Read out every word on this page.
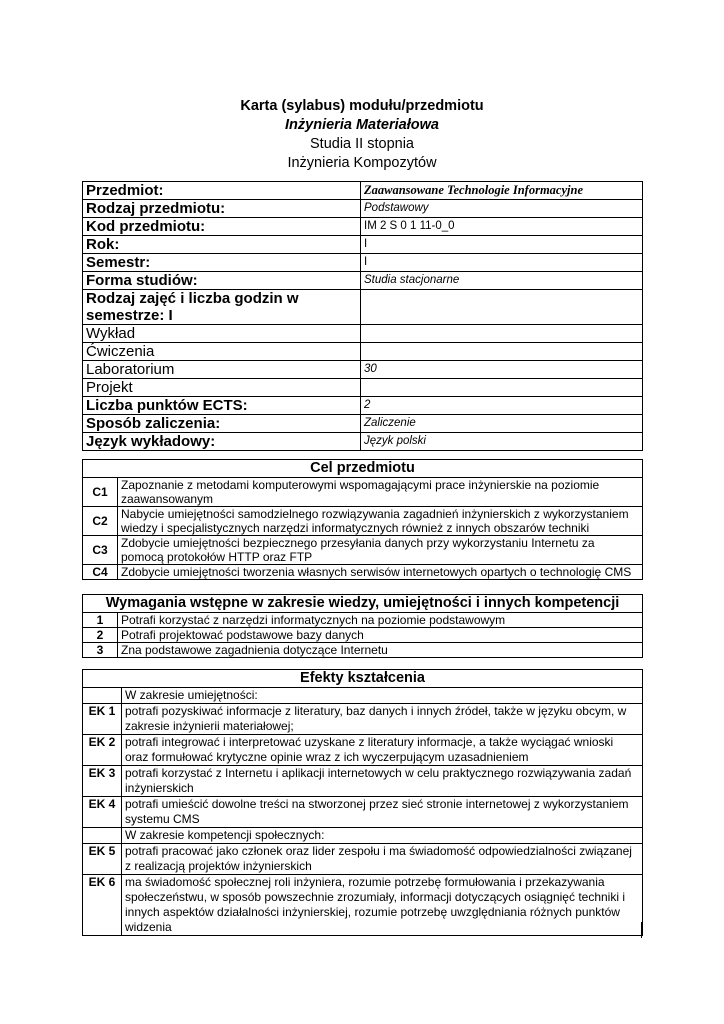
Karta (sylabus) modułu/przedmiotu
Inżynieria Materiałowa
Studia II stopnia
Inżynieria Kompozytów
Przedmiot:	Zaawansowane Technologie Informacyjne
Rodzaj przedmiotu:	Podstawowy
Kod przedmiotu:	IM 2 S 0 1 11-0_0
Rok:	I
Semestr:	I
Forma studiów:	Studia stacjonarne
Rodzaj zajęć i liczba godzin w semestrze: I	
Wykład	
Ćwiczenia	
Laboratorium	30
Projekt	
Liczba punktów ECTS:	2
Sposób zaliczenia:	Zaliczenie
Język wykładowy:	Język polski
Cel przedmiotu	
C1	Zapoznanie z metodami komputerowymi wspomagającymi prace inżynierskie na poziomie zaawansowanym
C2	Nabycie umiejętności samodzielnego rozwiązywania zagadnień inżynierskich z wykorzystaniem wiedzy i specjalistycznych narzędzi informatycznych również z innych obszarów techniki
C3	Zdobycie umiejętności bezpiecznego przesyłania danych przy wykorzystaniu Internetu za pomocą protokołów HTTP oraz FTP
C4	Zdobycie umiejętności tworzenia własnych serwisów internetowych opartych o technologię CMS
Wymagania wstępne w zakresie wiedzy, umiejętności i innych kompetencji	
1	Potrafi korzystać z narzędzi informatycznych na poziomie podstawowym
2	Potrafi projektować podstawowe bazy danych
3	Zna podstawowe zagadnienia dotyczące Internetu
Efekty kształcenia	
	W zakresie umiejętności:
EK 1	potrafi pozyskiwać informacje z literatury, baz danych i innych źródeł, także w języku obcym, w zakresie inżynierii materiałowej;
EK 2	potrafi integrować i interpretować uzyskane z literatury informacje, a także wyciągać wnioski oraz formułować krytyczne opinie wraz z ich wyczerpującym uzasadnieniem
EK 3	potrafi korzystać z Internetu i aplikacji internetowych w celu praktycznego rozwiązywania zadań inżynierskich
EK 4	potrafi umieścić dowolne treści na stworzonej przez sieć stronie internetowej z wykorzystaniem systemu CMS
	W zakresie kompetencji społecznych:
EK 5	potrafi pracować jako członek oraz lider zespołu i ma świadomość odpowiedzialności związanej z realizacją projektów inżynierskich
EK 6	ma świadomość społecznej roli inżyniera, rozumie potrzebę formułowania i przekazywania społeczeństwu, w sposób powszechnie zrozumiały, informacji dotyczących osiągnięć techniki i innych aspektów działalności inżynierskiej, rozumie potrzebę uwzględniania różnych punktów widzenia
